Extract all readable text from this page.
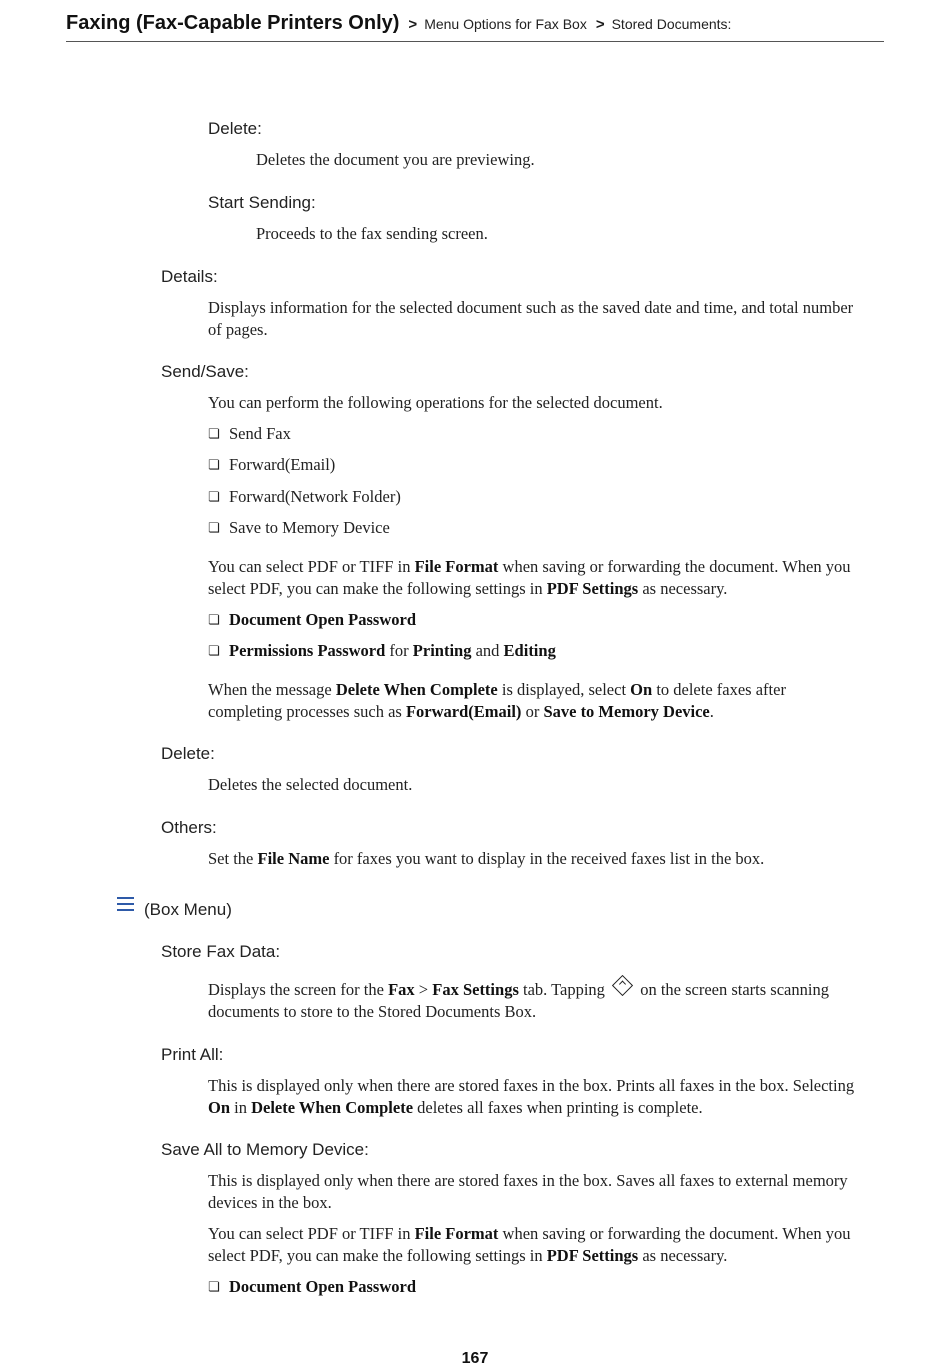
Faxing (Fax-Capable Printers Only) > Menu Options for Fax Box > Stored Documents:
Delete:
Deletes the document you are previewing.
Start Sending:
Proceeds to the fax sending screen.
Details:
Displays information for the selected document such as the saved date and time, and total number of pages.
Send/Save:
You can perform the following operations for the selected document.
❏ Send Fax
❏ Forward(Email)
❏ Forward(Network Folder)
❏ Save to Memory Device
You can select PDF or TIFF in File Format when saving or forwarding the document. When you select PDF, you can make the following settings in PDF Settings as necessary.
❏ Document Open Password
❏ Permissions Password for Printing and Editing
When the message Delete When Complete is displayed, select On to delete faxes after completing processes such as Forward(Email) or Save to Memory Device.
Delete:
Deletes the selected document.
Others:
Set the File Name for faxes you want to display in the received faxes list in the box.
(Box Menu)
Store Fax Data:
Displays the screen for the Fax > Fax Settings tab. Tapping  on the screen starts scanning documents to store to the Stored Documents Box.
Print All:
This is displayed only when there are stored faxes in the box. Prints all faxes in the box. Selecting On in Delete When Complete deletes all faxes when printing is complete.
Save All to Memory Device:
This is displayed only when there are stored faxes in the box. Saves all faxes to external memory devices in the box.
You can select PDF or TIFF in File Format when saving or forwarding the document. When you select PDF, you can make the following settings in PDF Settings as necessary.
❏ Document Open Password
167
